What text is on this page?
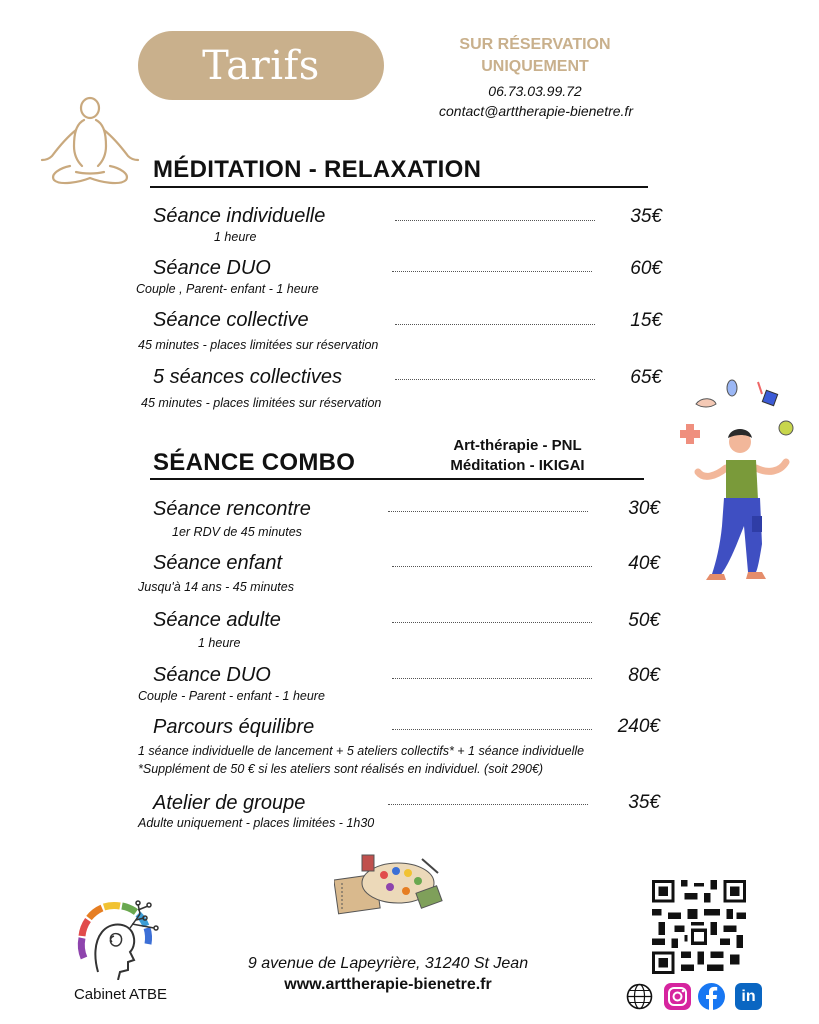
Tarifs	SUR RÉSERVATION
UNIQUEMENT
06.73.03.99.72
contact@arttherapie-bienetre.fr
MÉDITATION - RELAXATION
Séance individuelle	35€
1 heure
Séance DUO	60€
Couple , Parent- enfant - 1 heure
Séance collective	15€
45 minutes - places limitées sur réservation
5 séances collectives	65€
45 minutes - places limitées sur réservation
SÉANCE COMBO
Art-thérapie - PNL
Méditation - IKIGAI
Séance rencontre	30€
1er RDV de 45 minutes
Séance enfant	40€
Jusqu'à 14 ans - 45 minutes
Séance adulte	50€
1 heure
Séance DUO	80€
Couple - Parent - enfant - 1 heure
Parcours équilibre	240€
1 séance individuelle de lancement + 5 ateliers collectifs* + 1 séance individuelle
*Supplément de 50 € si les ateliers sont réalisés en individuel. (soit 290€)
Atelier de groupe	35€
Adulte uniquement - places limitées - 1h30
Cabinet ATBE
9 avenue de Lapeyrière, 31240 St Jean
www.arttherapie-bienetre.fr
in
